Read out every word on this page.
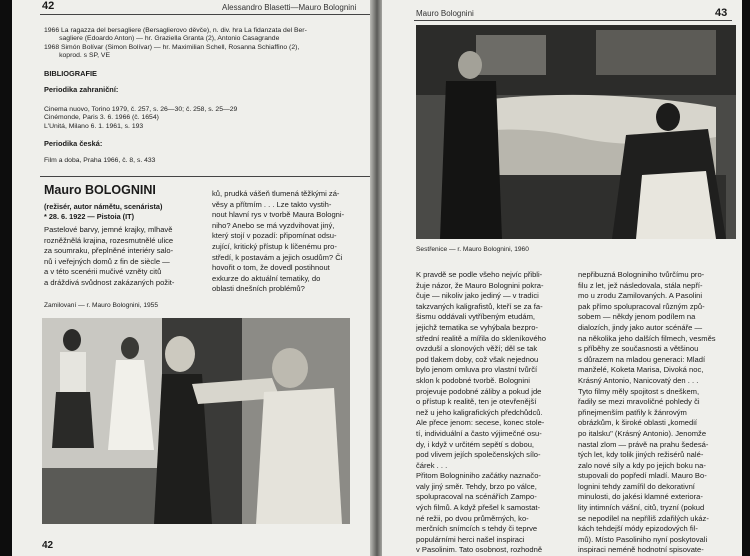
42	Alessandro Blasetti—Mauro Bolognini
1966 La ragazza del bersagliere (Bersaglierovo děvče), n. div. hra La fidanzata del Ber-
sagliere (Edoardo Anton) — hr. Graziella Granta (2), Antonio Casagrande
1968 Simón Bolívar (Simon Bolívar) — hr. Maximilian Schell, Rosanna Schiaffino (2),
koprod. s SP, VE
BIBLIOGRAFIE
Periodika zahraniční:
Cinema nuovo, Torino 1979, č. 257, s. 26—30; č. 258, s. 25—29
Cinémonde, Paris 3. 6. 1966 (č. 1654)
L'Unitá, Milano 6. 1. 1961, s. 193
Periodika česká:
Film a doba, Praha 1966, č. 8, s. 433
Mauro BOLOGNINI
(režisér, autor námětu, scenárista)
* 28. 6. 1922 — Pistoia (IT)
Pastelové barvy, jemné krajky, mlhavě
rozněžnělá krajina, rozesmutnělé ulice
za soumraku, přeplněné interiéry salo-
nů i veřejných domů z fin de siècle —
a v této scenérii mučivé vzněty citů
a dráždivá svůdnost zakázaných požit-
ků, prudká vášeň tlumená těžkými zá-
věsy a přítmím . . . Lze takto vystih-
nout hlavní rys v tvorbě Maura Bologni-
niho? Anebo se má vyzdvihovat jiný,
který stojí v pozadí: připomínat odsu-
zující, kritický přístup k líčenému pro-
středí, k postavám a jejich osudům? Či
hovořit o tom, že dovedl postihnout
exkurze do aktuální tematiky, do
oblasti dnešních problémů?
Zamilovaní — r. Mauro Bolognini, 1955
42
Mauro Bolognini	43
Sestřenice — r. Mauro Bolognini, 1960
K pravdě se podle všeho nejvíc přibli-
žuje názor, že Mauro Bolognini pokra-
čuje — nikoliv jako jediný — v tradici
takzvaných kaligrafistů, kteří se za fa-
šismu oddávali vytříbeným etudám,
jejichž tematika se vyhýbala bezpro-
střední realitě a mířila do skleníkového
ovzduší a slonových věží; děl se tak
pod tlakem doby, což však nejednou
bylo jenom omluva pro vlastní tvůrčí
sklon k podobné tvorbě. Bolognini
projevuje podobné záliby a pokud jde
o přístup k realitě, ten je otevřenější
než u jeho kaligrafických předchůdců.
Ale přece jenom: secese, konec stole-
tí, individuální a často výjimečné osu-
dy, i když v určitém sepětí s dobou,
pod vlivem jejích společenských sílo-
čárek . . .
Přitom Bologniniho začátky naznačo-
valy jiný směr. Tehdy, brzo po válce,
spolupracoval na scénářích Zampo-
vých filmů. A když přešel k samostat-
né režii, po dvou průměrných, ko-
merčních snímcích s tehdy či teprve
populárními herci našel inspiraci
v Pasolinim. Tato osobnost, rozhodně
nepřibuzná Bologniniho tvůrčímu pro-
filu z let, jež následovala, stála nepří-
mo u zrodu Zamilovaných. A Pasolini
pak přímo spolupracoval různým způ-
sobem — někdy jenom podílem na
dialozích, jindy jako autor scénáře —
na několika jeho dalších filmech, vesměs
s příběhy ze současnosti a většinou
s důrazem na mladou generaci: Mladí
manželé, Koketa Marisa, Divoká noc,
Krásný Antonio, Nanicovatý den . . .
Tyto filmy měly spojitost s dneškem,
řadily se mezi mravoličné pohledy či
přinejmenším patřily k žánrovým
obrázkům, k široké oblasti „komedií
po italsku" (Krásný Antonio). Jenomže
nastal zlom — právě na prahu šedesá-
tých let, kdy tolik jiných režisérů nalé-
zalo nové síly a kdy po jejich boku na-
stupovali do popředí mladí. Mauro Bo-
lognini tehdy zamířil do dekorativní
minulosti, do jakési klamné exteriora-
lity intimních vášní, citů, tryzní (pokud
se nepodílel na nepříliš zdařilých ukáz-
kách tehdejší módy epizodových fil-
mů). Místo Pasoliniho nyní poskytovali
inspiraci neméně hodnotní spisovate-
